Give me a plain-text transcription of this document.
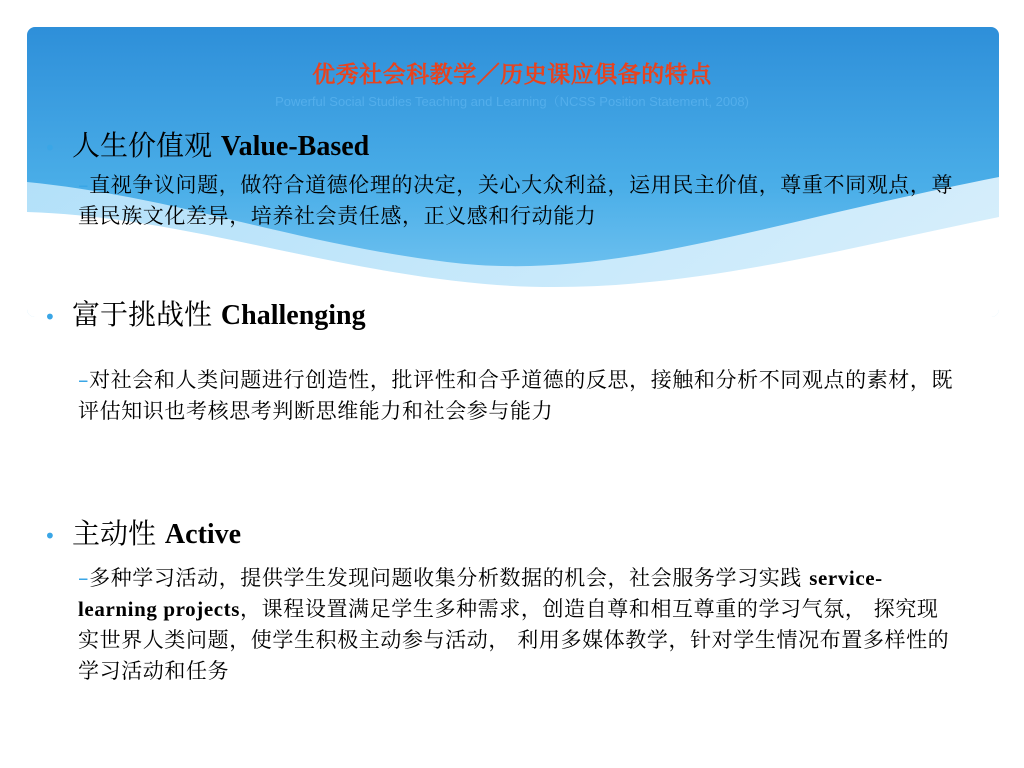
优秀社会科教学／历史课应俱备的特点
Powerful Social Studies Teaching and Learning（NCSS Position Statement, 2008)
• 人生价值观 Value-Based
–直视争议问题，做符合道德伦理的决定，关心大众利益，运用民主价值，尊重不同观点，尊重民族文化差异，培养社会责任感，正义感和行动能力
• 富于挑战性 Challenging
–对社会和人类问题进行创造性，批评性和合乎道德的反思，接触和分析不同观点的素材，既评估知识也考核思考判断思维能力和社会参与能力
• 主动性 Active
–多种学习活动，提供学生发现问题收集分析数据的机会，社会服务学习实践 service-learning projects，课程设置满足学生多种需求，创造自尊和相互尊重的学习气氛， 探究现实世界人类问题，使学生积极主动参与活动， 利用多媒体教学，针对学生情况布置多样性的学习活动和任务
